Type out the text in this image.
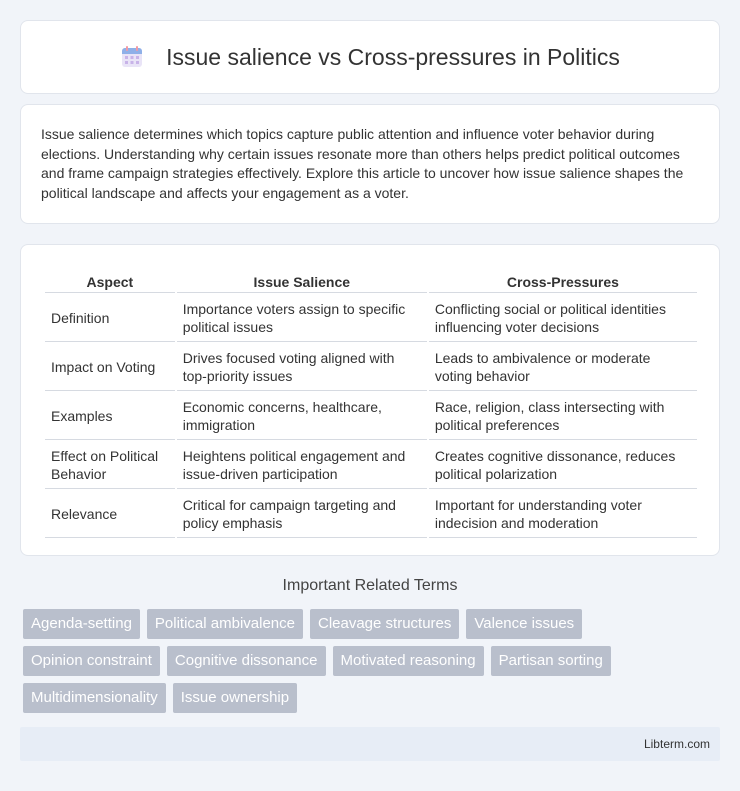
Issue salience vs Cross-pressures in Politics

Issue salience determines which topics capture public attention and influence voter behavior during elections. Understanding why certain issues resonate more than others helps predict political outcomes and frame campaign strategies effectively. Explore this article to uncover how issue salience shapes the political landscape and affects your engagement as a voter.

Aspect	Issue Salience	Cross-Pressures
Definition	Importance voters assign to specific political issues	Conflicting social or political identities influencing voter decisions
Impact on Voting	Drives focused voting aligned with top-priority issues	Leads to ambivalence or moderate voting behavior
Examples	Economic concerns, healthcare, immigration	Race, religion, class intersecting with political preferences
Effect on Political Behavior	Heightens political engagement and issue-driven participation	Creates cognitive dissonance, reduces political polarization
Relevance	Critical for campaign targeting and policy emphasis	Important for understanding voter indecision and moderation
Important Related Terms
Agenda-setting	Political ambivalence	Cleavage structures	Valence issues
Opinion constraint	Cognitive dissonance	Motivated reasoning	Partisan sorting
Multidimensionality	Issue ownership
Libterm.com
